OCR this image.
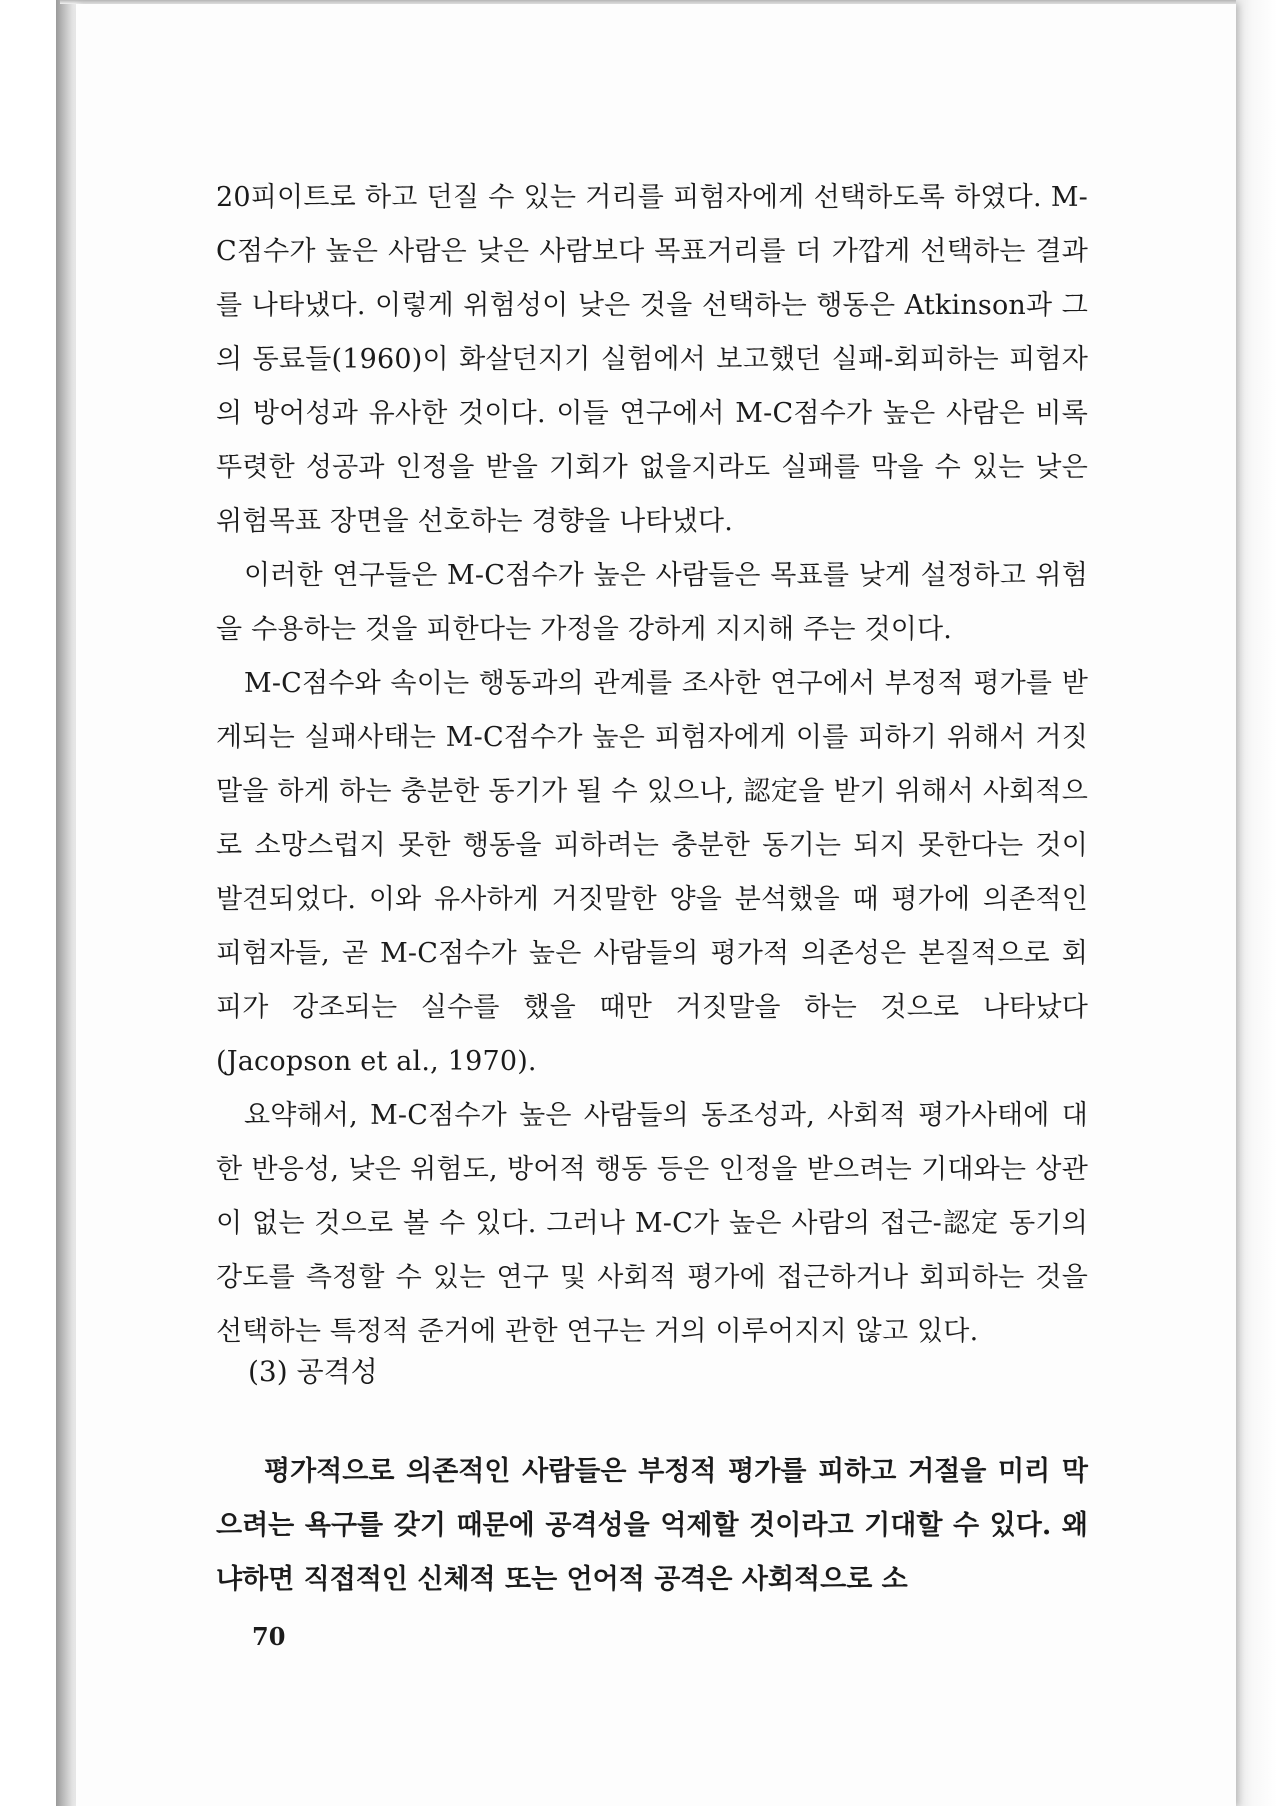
20피이트로 하고 던질 수 있는 거리를 피험자에게 선택하도록 하였다. M-C점수가 높은 사람은 낮은 사람보다 목표거리를 더 가깝게 선택하는 결과를 나타냈다. 이렇게 위험성이 낮은 것을 선택하는 행동은 Atkinson과 그의 동료들(1960)이 화살던지기 실험에서 보고했던 실패-회피하는 피험자의 방어성과 유사한 것이다. 이들 연구에서 M-C점수가 높은 사람은 비록 뚜렷한 성공과 인정을 받을 기회가 없을지라도 실패를 막을 수 있는 낮은 위험목표 장면을 선호하는 경향을 나타냈다.

이러한 연구들은 M-C점수가 높은 사람들은 목표를 낮게 설정하고 위험을 수용하는 것을 피한다는 가정을 강하게 지지해 주는 것이다.

M-C점수와 속이는 행동과의 관계를 조사한 연구에서 부정적 평가를 받게되는 실패사태는 M-C점수가 높은 피험자에게 이를 피하기 위해서 거짓말을 하게 하는 충분한 동기가 될 수 있으나, 認定을 받기 위해서 사회적으로 소망스럽지 못한 행동을 피하려는 충분한 동기는 되지 못한다는 것이 발견되었다. 이와 유사하게 거짓말한 양을 분석했을 때 평가에 의존적인 피험자들, 곧 M-C점수가 높은 사람들의 평가적 의존성은 본질적으로 회피가 강조되는 실수를 했을 때만 거짓말을 하는 것으로 나타났다(Jacopson et al., 1970).

요약해서, M-C점수가 높은 사람들의 동조성과, 사회적 평가사태에 대한 반응성, 낮은 위험도, 방어적 행동 등은 인정을 받으려는 기대와는 상관이 없는 것으로 볼 수 있다. 그러나 M-C가 높은 사람의 접근-認定 동기의 강도를 측정할 수 있는 연구 및 사회적 평가에 접근하거나 회피하는 것을 선택하는 특정적 준거에 관한 연구는 거의 이루어지지 않고 있다.

(3) 공격성

평가적으로 의존적인 사람들은 부정적 평가를 피하고 거절을 미리 막으려는 욕구를 갖기 때문에 공격성을 억제할 것이라고 기대할 수 있다. 왜냐하면 직접적인 신체적 또는 언어적 공격은 사회적으로 소

70
